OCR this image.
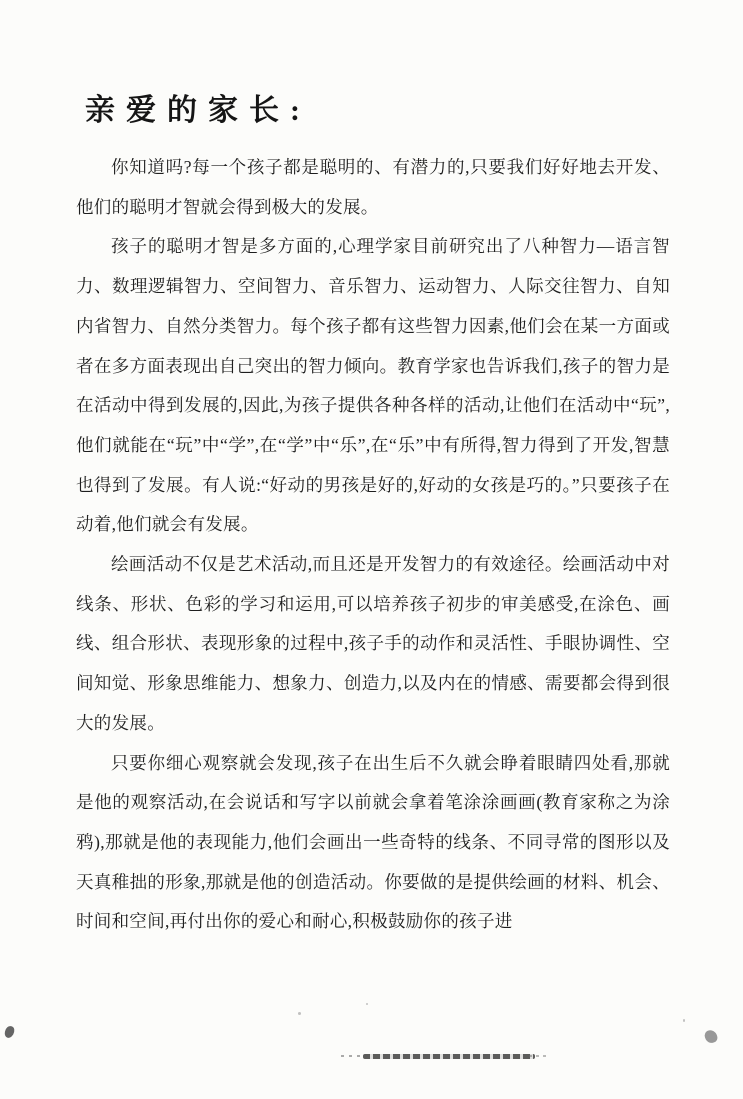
亲爱的家长:

你知道吗?每一个孩子都是聪明的、有潜力的,只要我们好好地去开发、他们的聪明才智就会得到极大的发展。

孩子的聪明才智是多方面的,心理学家目前研究出了八种智力—语言智力、数理逻辑智力、空间智力、音乐智力、运动智力、人际交往智力、自知内省智力、自然分类智力。每个孩子都有这些智力因素,他们会在某一方面或者在多方面表现出自己突出的智力倾向。教育学家也告诉我们,孩子的智力是在活动中得到发展的,因此,为孩子提供各种各样的活动,让他们在活动中“玩”,他们就能在“玩”中“学”,在“学”中“乐”,在“乐”中有所得,智力得到了开发,智慧也得到了发展。有人说:“好动的男孩是好的,好动的女孩是巧的。”只要孩子在动着,他们就会有发展。

绘画活动不仅是艺术活动,而且还是开发智力的有效途径。绘画活动中对线条、形状、色彩的学习和运用,可以培养孩子初步的审美感受,在涂色、画线、组合形状、表现形象的过程中,孩子手的动作和灵活性、手眼协调性、空间知觉、形象思维能力、想象力、创造力,以及内在的情感、需要都会得到很大的发展。

只要你细心观察就会发现,孩子在出生后不久就会睁着眼睛四处看,那就是他的观察活动,在会说话和写字以前就会拿着笔涂涂画画(教育家称之为涂鸦),那就是他的表现能力,他们会画出一些奇特的线条、不同寻常的图形以及天真稚拙的形象,那就是他的创造活动。你要做的是提供绘画的材料、机会、时间和空间,再付出你的爱心和耐心,积极鼓励你的孩子进
